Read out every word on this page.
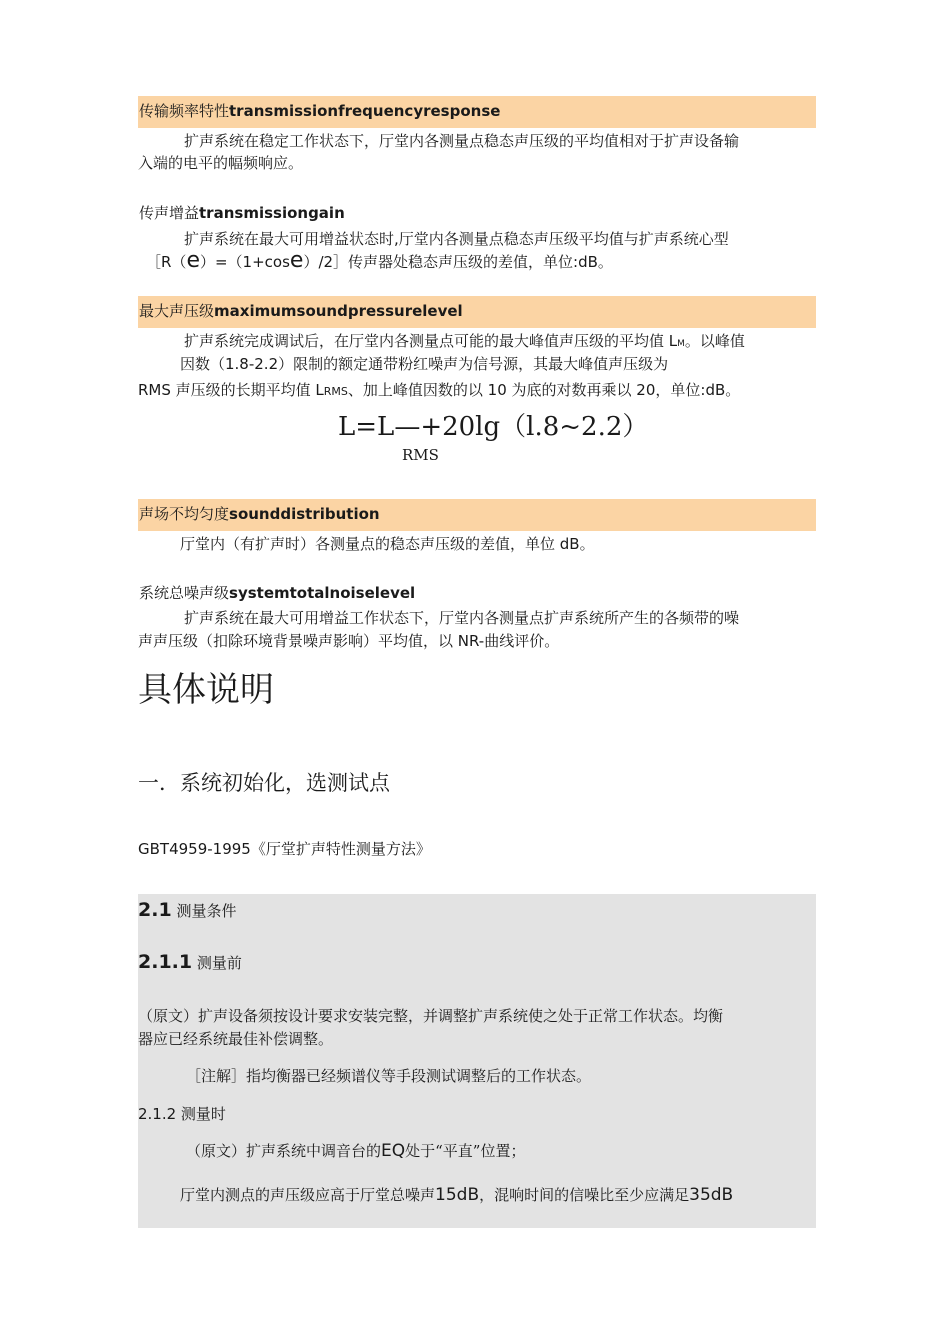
传输频率特性transmissionfrequencyresponse
扩声系统在稳定工作状态下，厅堂内各测量点稳态声压级的平均值相对于扩声设备输
入端的电平的幅频响应。
传声增益transmissiongain
扩声系统在最大可用增益状态时,厅堂内各测量点稳态声压级平均值与扩声系统心型
［R（e）=（1+cose）/2］传声器处稳态声压级的差值，单位:dB。
最大声压级maximumsoundpressurelevel
扩声系统完成调试后，在厅堂内各测量点可能的最大峰值声压级的平均值 LM。以峰值
因数（1.8-2.2）限制的额定通带粉红噪声为信号源，其最大峰值声压级为
RMS 声压级的长期平均值 LRMS、加上峰值因数的以 10 为底的对数再乘以 20，单位:dB。
L=L—+20lg（l.8~2.2）
RMS
声场不均匀度sounddistribution
厅堂内（有扩声时）各测量点的稳态声压级的差值，单位 dB。
系统总噪声级systemtotalnoiselevel
扩声系统在最大可用增益工作状态下，厅堂内各测量点扩声系统所产生的各频带的噪
声声压级（扣除环境背景噪声影响）平均值，以 NR-曲线评价。
具体说明
一．系统初始化，选测试点
GBT4959-1995《厅堂扩声特性测量方法》
2.1 测量条件
2.1.1 测量前
（原文）扩声设备须按设计要求安装完整，并调整扩声系统使之处于正常工作状态。均衡
器应已经系统最佳补偿调整。
［注解］指均衡器已经频谱仪等手段测试调整后的工作状态。
2.1.2 测量时
（原文）扩声系统中调音台的EQ处于“平直”位置；
厅堂内测点的声压级应高于厅堂总噪声15dB，混响时间的信噪比至少应满足35dB
